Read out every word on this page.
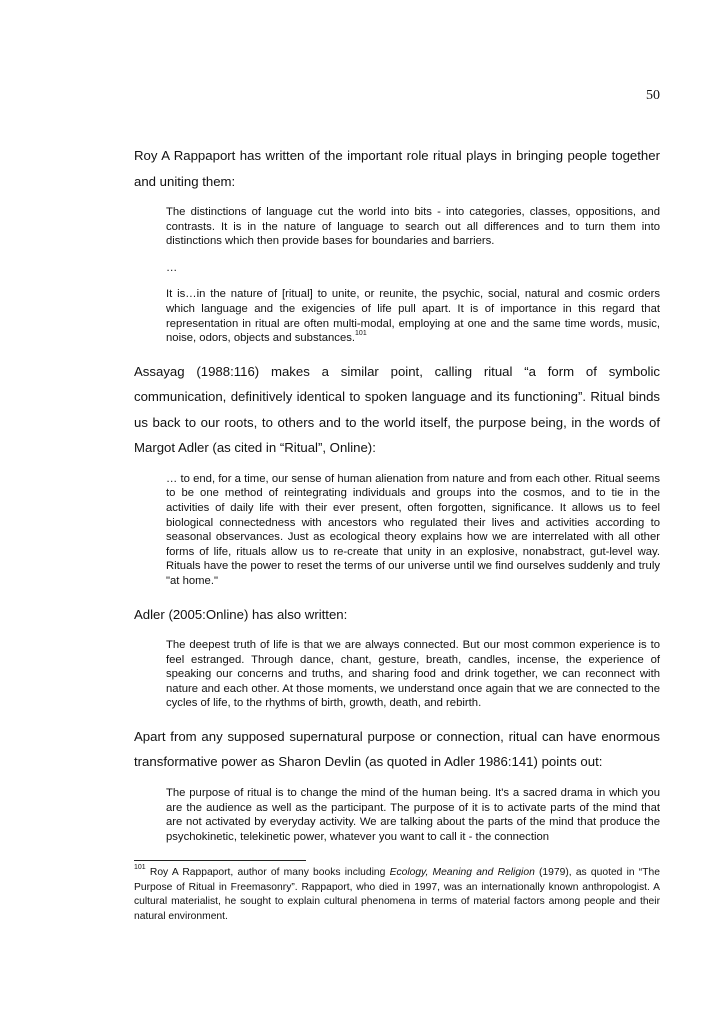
50

Roy A Rappaport has written of the important role ritual plays in bringing people together and uniting them:

The distinctions of language cut the world into bits - into categories, classes, oppositions, and contrasts. It is in the nature of language to search out all differences and to turn them into distinctions which then provide bases for boundaries and barriers.

…

It is…in the nature of [ritual] to unite, or reunite, the psychic, social, natural and cosmic orders which language and the exigencies of life pull apart. It is of importance in this regard that representation in ritual are often multi-modal, employing at one and the same time words, music, noise, odors, objects and substances.$^{101}$

Assayag (1988:116) makes a similar point, calling ritual “a form of symbolic communication, definitively identical to spoken language and its functioning”. Ritual binds us back to our roots, to others and to the world itself, the purpose being, in the words of Margot Adler (as cited in “Ritual”, Online):

… to end, for a time, our sense of human alienation from nature and from each other. Ritual seems to be one method of reintegrating individuals and groups into the cosmos, and to tie in the activities of daily life with their ever present, often forgotten, significance. It allows us to feel biological connectedness with ancestors who regulated their lives and activities according to seasonal observances. Just as ecological theory explains how we are interrelated with all other forms of life, rituals allow us to re-create that unity in an explosive, nonabstract, gut-level way. Rituals have the power to reset the terms of our universe until we find ourselves suddenly and truly "at home."

Adler (2005:Online) has also written:

The deepest truth of life is that we are always connected. But our most common experience is to feel estranged. Through dance, chant, gesture, breath, candles, incense, the experience of speaking our concerns and truths, and sharing food and drink together, we can reconnect with nature and each other. At those moments, we understand once again that we are connected to the cycles of life, to the rhythms of birth, growth, death, and rebirth.

Apart from any supposed supernatural purpose or connection, ritual can have enormous transformative power as Sharon Devlin (as quoted in Adler 1986:141) points out:

The purpose of ritual is to change the mind of the human being. It's a sacred drama in which you are the audience as well as the participant. The purpose of it is to activate parts of the mind that are not activated by everyday activity. We are talking about the parts of the mind that produce the psychokinetic, telekinetic power, whatever you want to call it - the connection

$^{101}$ Roy A Rappaport, author of many books including Ecology, Meaning and Religion (1979), as quoted in “The Purpose of Ritual in Freemasonry”. Rappaport, who died in 1997, was an internationally known anthropologist. A cultural materialist, he sought to explain cultural phenomena in terms of material factors among people and their natural environment.
